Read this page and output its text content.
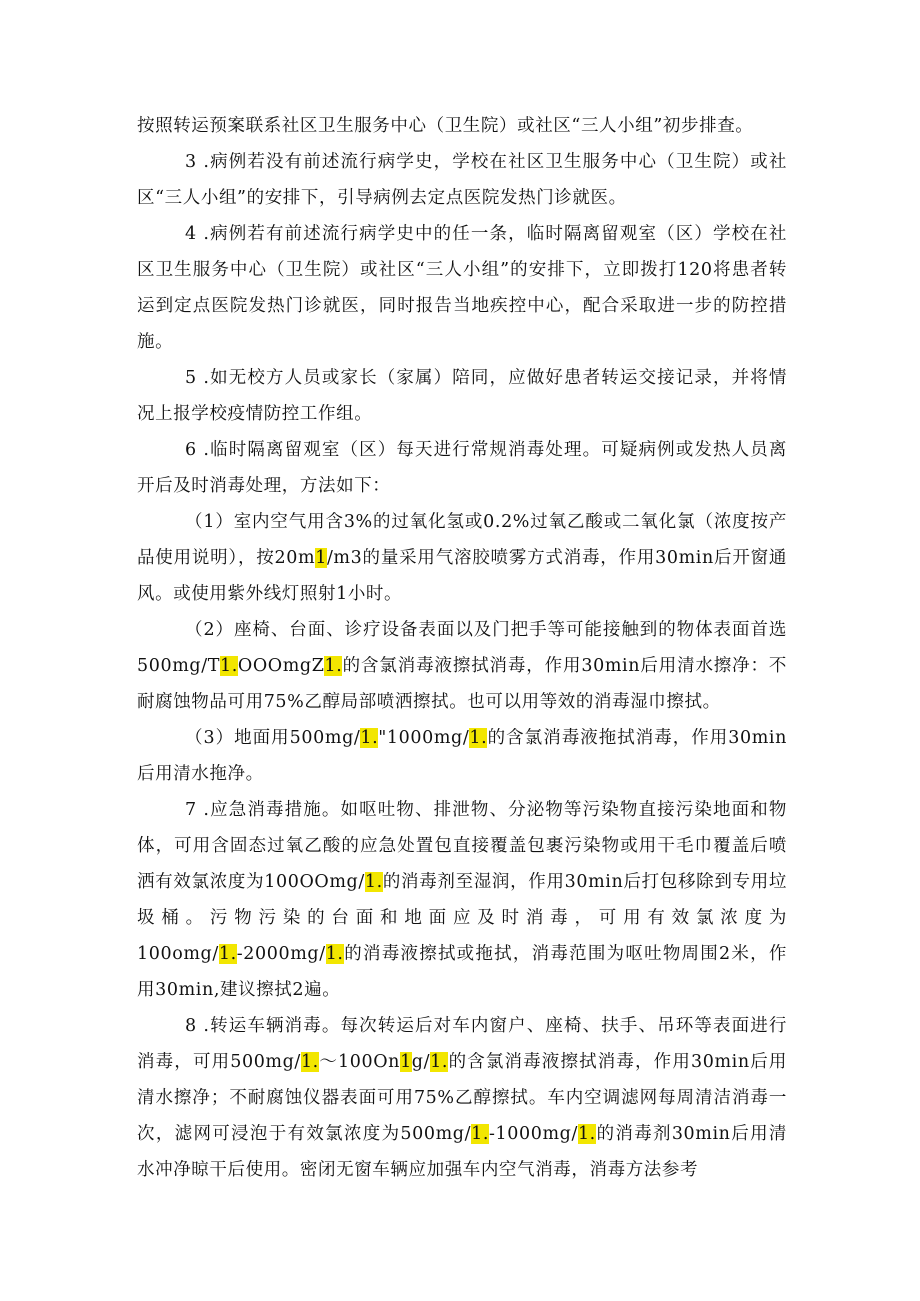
按照转运预案联系社区卫生服务中心（卫生院）或社区“三人小组”初步排查。

3 .病例若没有前述流行病学史，学校在社区卫生服务中心（卫生院）或社区“三人小组”的安排下，引导病例去定点医院发热门诊就医。

4 .病例若有前述流行病学史中的任一条，临时隔离留观室（区）学校在社区卫生服务中心（卫生院）或社区“三人小组”的安排下，立即拨打120将患者转运到定点医院发热门诊就医，同时报告当地疾控中心，配合采取进一步的防控措施。

5 .如无校方人员或家长（家属）陪同，应做好患者转运交接记录，并将情况上报学校疫情防控工作组。

6 .临时隔离留观室（区）每天进行常规消毒处理。可疑病例或发热人员离开后及时消毒处理，方法如下：

（1）室内空气用含3%的过氧化氢或0.2%过氧乙酸或二氧化氯（浓度按产品使用说明），按20m1/m3的量采用气溶胶喷雾方式消毒，作用30min后开窗通风。或使用紫外线灯照射1小时。

（2）座椅、台面、诊疗设备表面以及门把手等可能接触到的物体表面首选500mg/T1.OOOmgZ1.的含氯消毒液擦拭消毒，作用30min后用清水擦净：不耐腐蚀物品可用75%乙醇局部喷洒擦拭。也可以用等效的消毒湿巾擦拭。

（3）地面用500mg/1."1000mg/1.的含氯消毒液拖拭消毒，作用30min后用清水拖净。

7 .应急消毒措施。如呕吐物、排泄物、分泌物等污染物直接污染地面和物体，可用含固态过氧乙酸的应急处置包直接覆盖包裹污染物或用干毛巾覆盖后喷洒有效氯浓度为100OOmg/1.的消毒剂至湿润，作用30min后打包移除到专用垃圾桶。污物污染的台面和地面应及时消毒，可用有效氯浓度为100omg/1.-2000mg/1.的消毒液擦拭或拖拭，消毒范围为呕吐物周围2米，作用30min,建议擦拭2遍。

8 .转运车辆消毒。每次转运后对车内窗户、座椅、扶手、吊环等表面进行消毒，可用500mg/1.〜100On1g/1.的含氯消毒液擦拭消毒，作用30min后用清水擦净；不耐腐蚀仪器表面可用75%乙醇擦拭。车内空调滤网每周清洁消毒一次，滤网可浸泡于有效氯浓度为500mg/1.-1000mg/1.的消毒剂30min后用清水冲净晾干后使用。密闭无窗车辆应加强车内空气消毒，消毒方法参考
